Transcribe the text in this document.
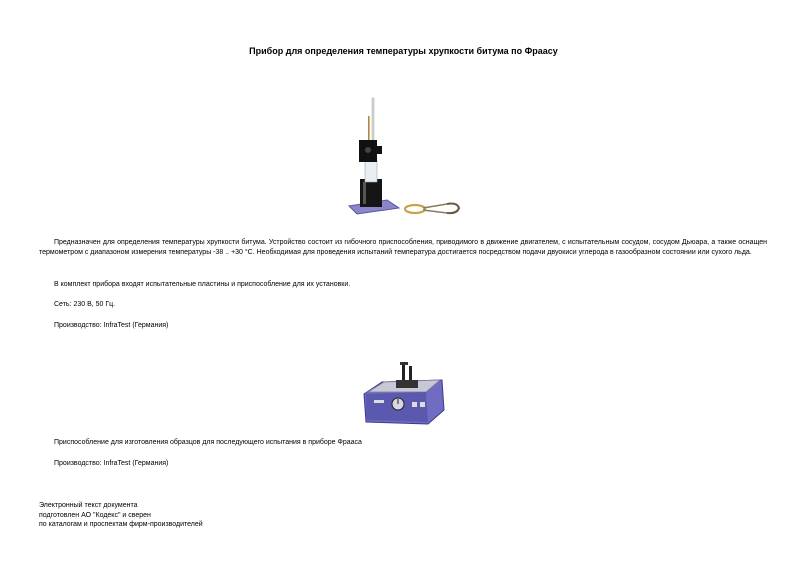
Прибор для определения температуры хрупкости битума по Фраасу

Предназначен для определения температуры хрупкости битума. Устройство состоит из гибочного приспособления, приводимого в движение двигателем, с испытательным сосудом, сосудом Дьюара, а также оснащен термометром с диапазоном измерения температуры -38 .. +30 °С. Необходимая для проведения испытаний температура достигается посредством подачи двуокиси углерода в газообразном состоянии или сухого льда.

В комплект прибора входят испытательные пластины и приспособление для их установки.
Сеть: 230 В, 50 Гц.
Производство: InfraTest (Германия)
Приспособление для изготовления образцов для последующего испытания в приборе Фрааса
Производство: InfraTest (Германия)
Электронный текст документа
подготовлен АО "Кодекс" и сверен
по каталогам и проспектам фирм-производителей
